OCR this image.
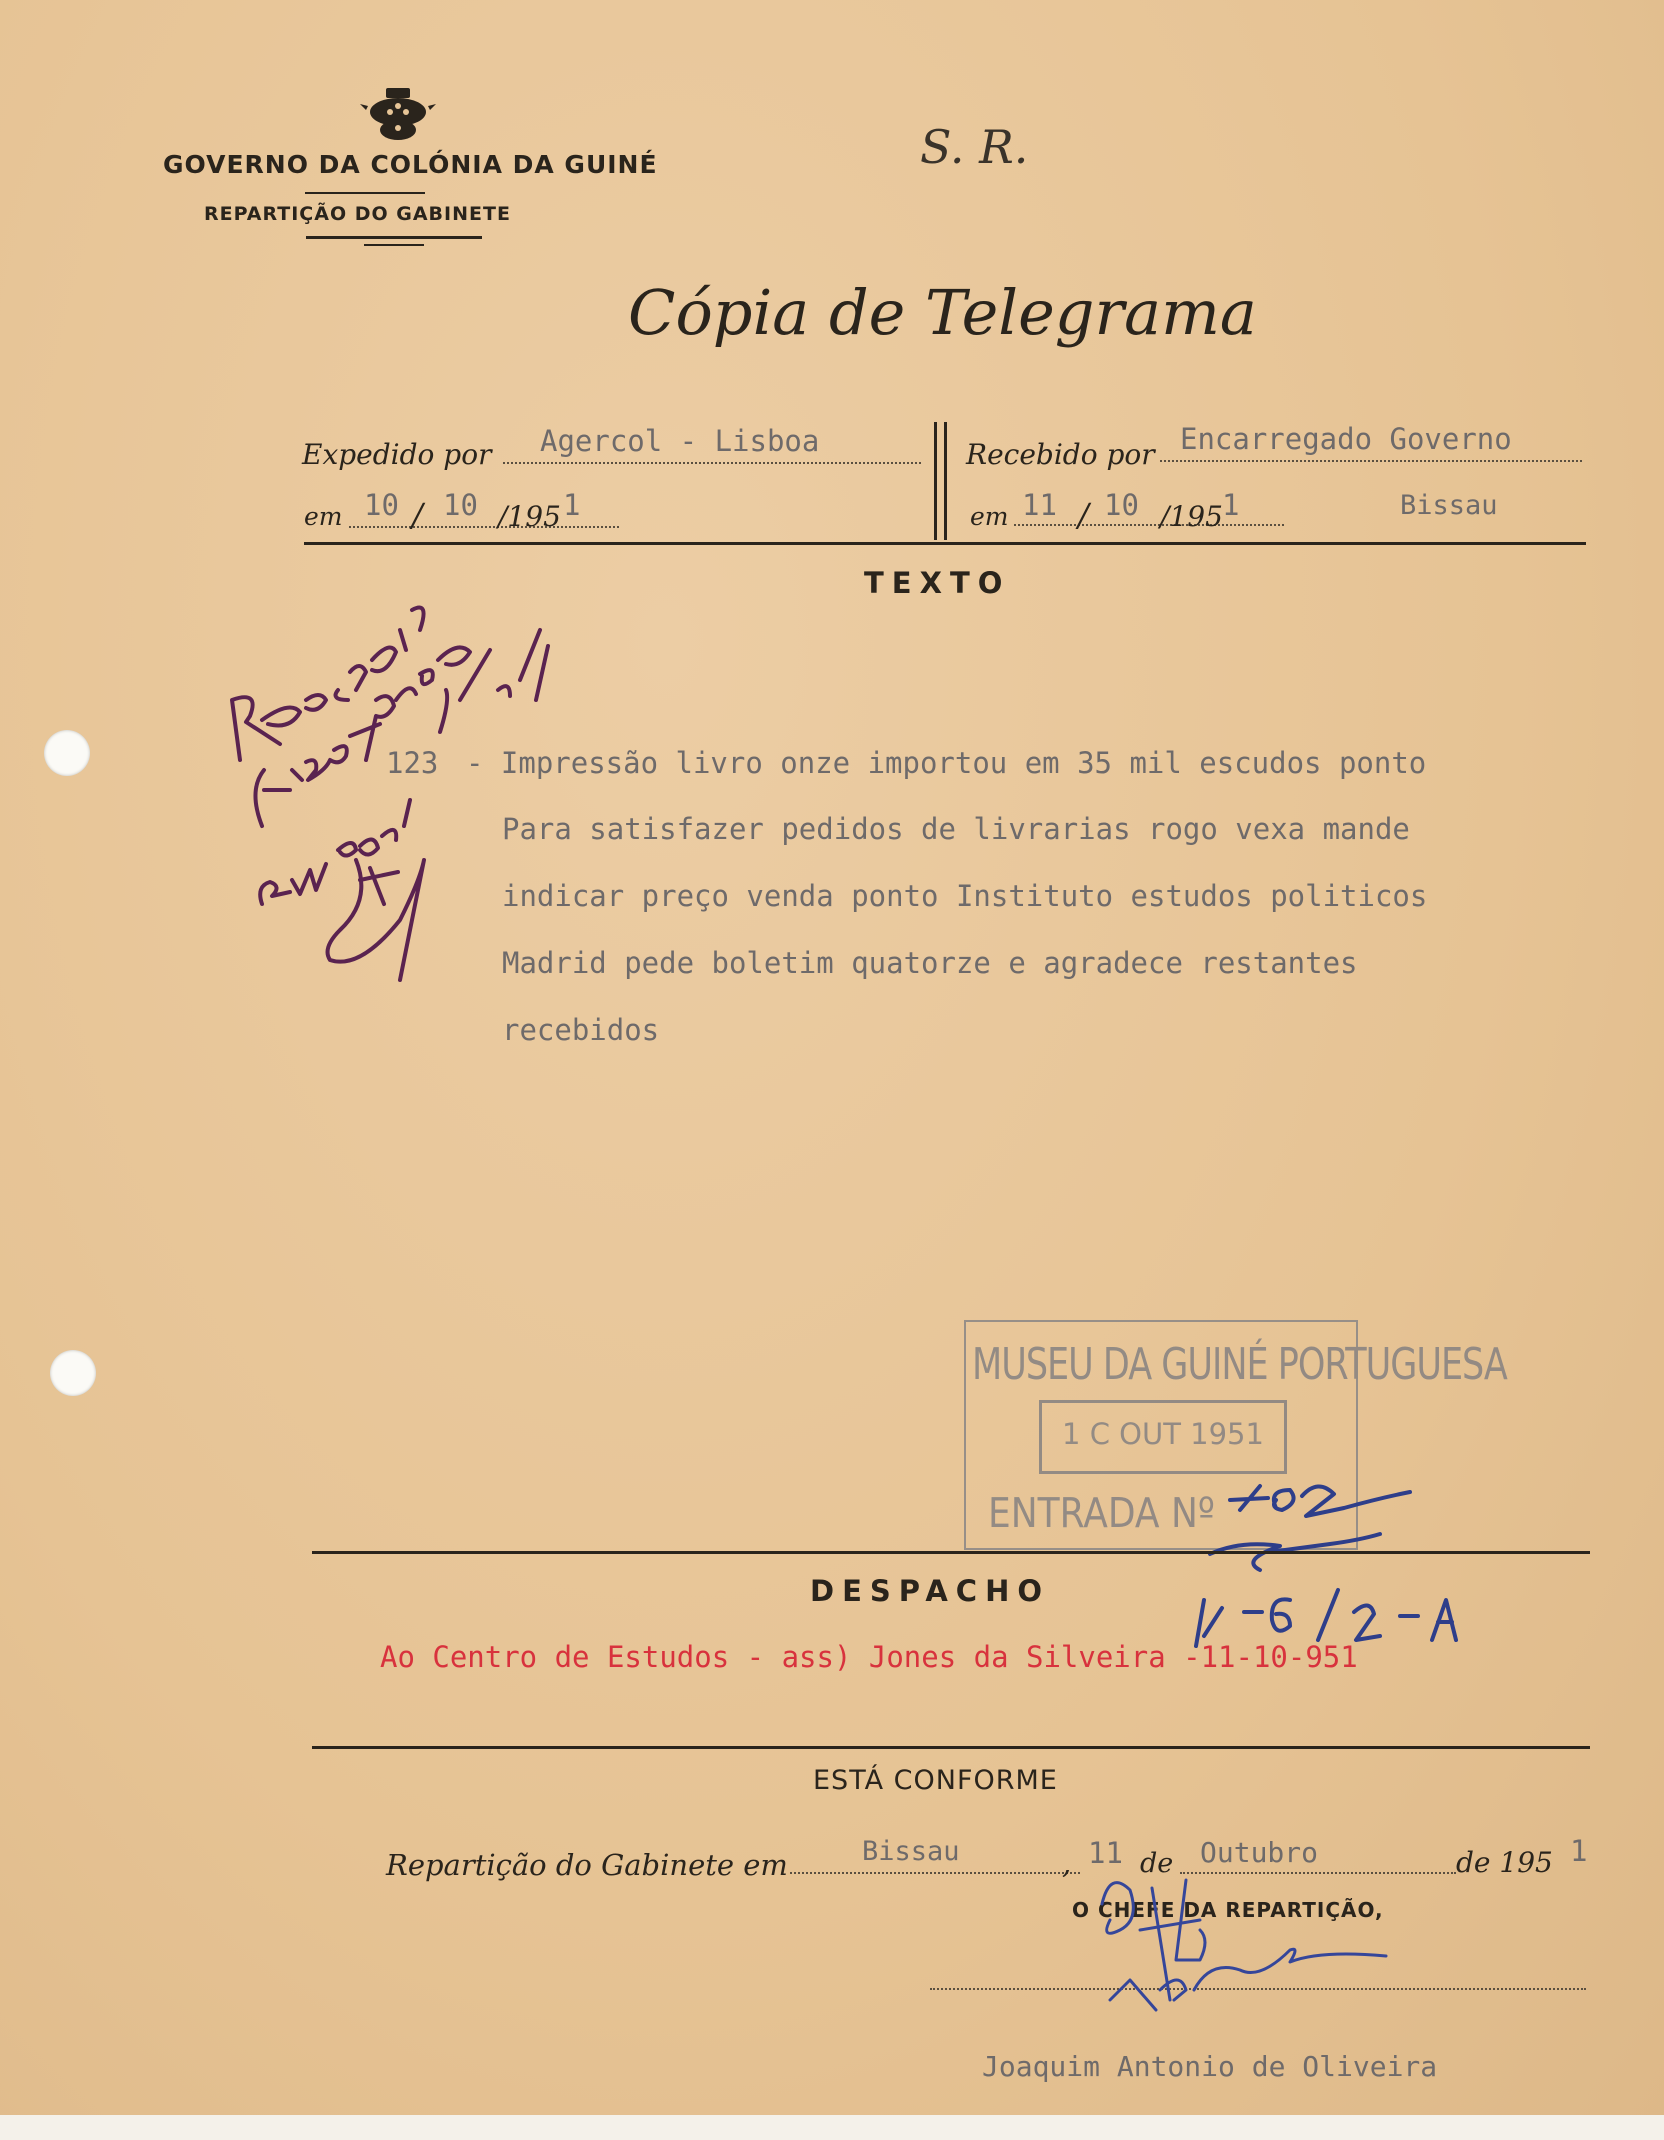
GOVERNO DA COLÓNIA DA GUINÉ
REPARTIÇÃO DO GABINETE
S. R.
Cópia de Telegrama
Expedido por Agercol - Lisboa
em 10 / 10 /195 1
Recebido por Encarregado Governo
em 11 / 10 /195 1	Bissau
TEXTO
123 - Impressão livro onze importou em 35 mil escudos ponto
Para satisfazer pedidos de livrarias rogo vexa mande
indicar preço venda ponto Instituto estudos politicos
Madrid pede boletim quatorze e agradece restantes
recebidos
MUSEU DA GUINÉ PORTUGUESA
1 C OUT 1951
ENTRADA Nº
DESPACHO
Ao Centro de Estudos - ass) Jones da Silveira -11-10-951
ESTÁ CONFORME
Repartição do Gabinete em	Bissau	, 11 de Outubro	de 195 1
O CHEFE DA REPARTIÇÃO,
Joaquim Antonio de Oliveira
